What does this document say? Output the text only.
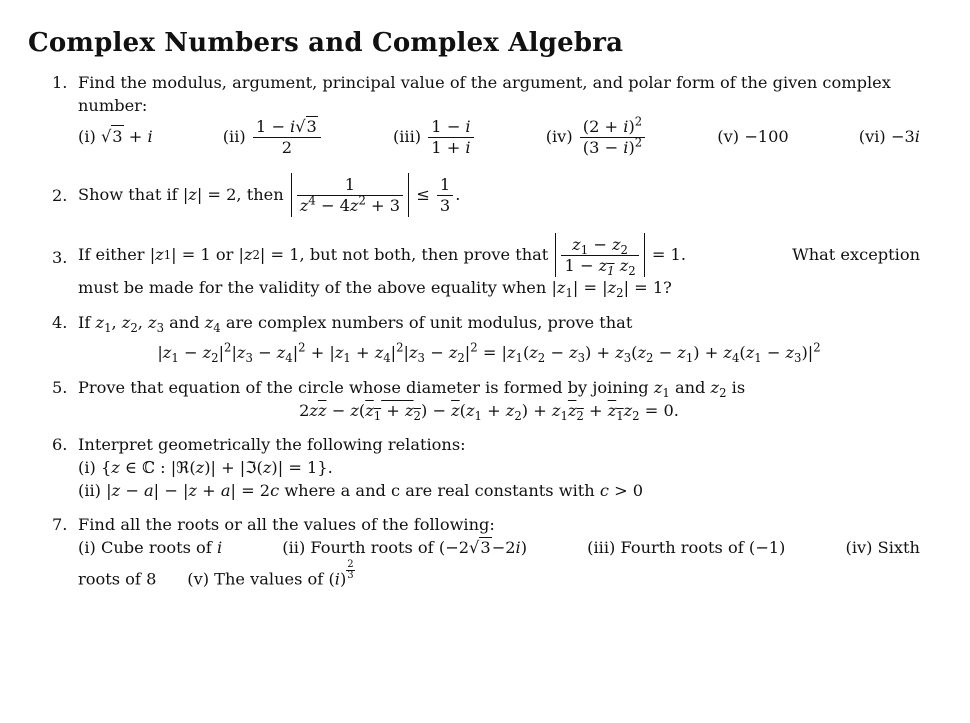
Complex Numbers and Complex Algebra
1. Find the modulus, argument, principal value of the argument, and polar form of the given complex number:
(i) √ 3 + i	(ii)
$\frac{1 - i√3}{2}$	(iii)
$\frac{1 - i}{1 + i}$	(iv)
$\frac{(2 + i)^2}{(3 - i)^2}$	(v)
−100	(vi)
−3 i
2. Show that if | z | = 2, then
$\frac{1}{z^4 - 4z^2 + 3} \le \frac{1}{3}$ .
3. If either | z 1 | = 1 or | z 2 | = 1, but not both, then prove that
$\frac{z_1 - z_2}{1 - z_1 z_2} = 1$.	What exception
must be made for the validity of the above equality when $|z_1| = |z_2| = 1$?
4. If $z_1$, $z_2$, $z_3$ and $z_4$ are complex numbers of unit modulus, prove that
$|z_1 - z_2|^2|z_3 - z_4|^2 + |z_1 + z_4|^2|z_3 - z_2|^2 = |z_1(z_2 - z_3) + z_3(z_2 - z_1) + z_4(z_1 - z_3)|^2$
5. Prove that equation of the circle whose diameter is formed by joining $z_1$ and $z_2$ is
$2z\overline{z} - z(z_1 + z_2) - \overline{z}(z_1 + z_2) + z_1z_2 + z_1z_2 = 0$.
6. Interpret geometrically the following relations:
(i) {z ∈ ℂ : |ℜ(z)| + |ℑ(z)| = 1}.
(ii) |z − a| − |z + a| = 2c where a and c are real constants with c > 0
7. Find all the roots or all the values of the following:
(i) Cube roots of i	(ii) Fourth roots of (−2√3−2i)	(iii) Fourth roots of (−1)	(iv) Sixth
roots of 8 (v) The values of $(i) \frac{2}{3}$
